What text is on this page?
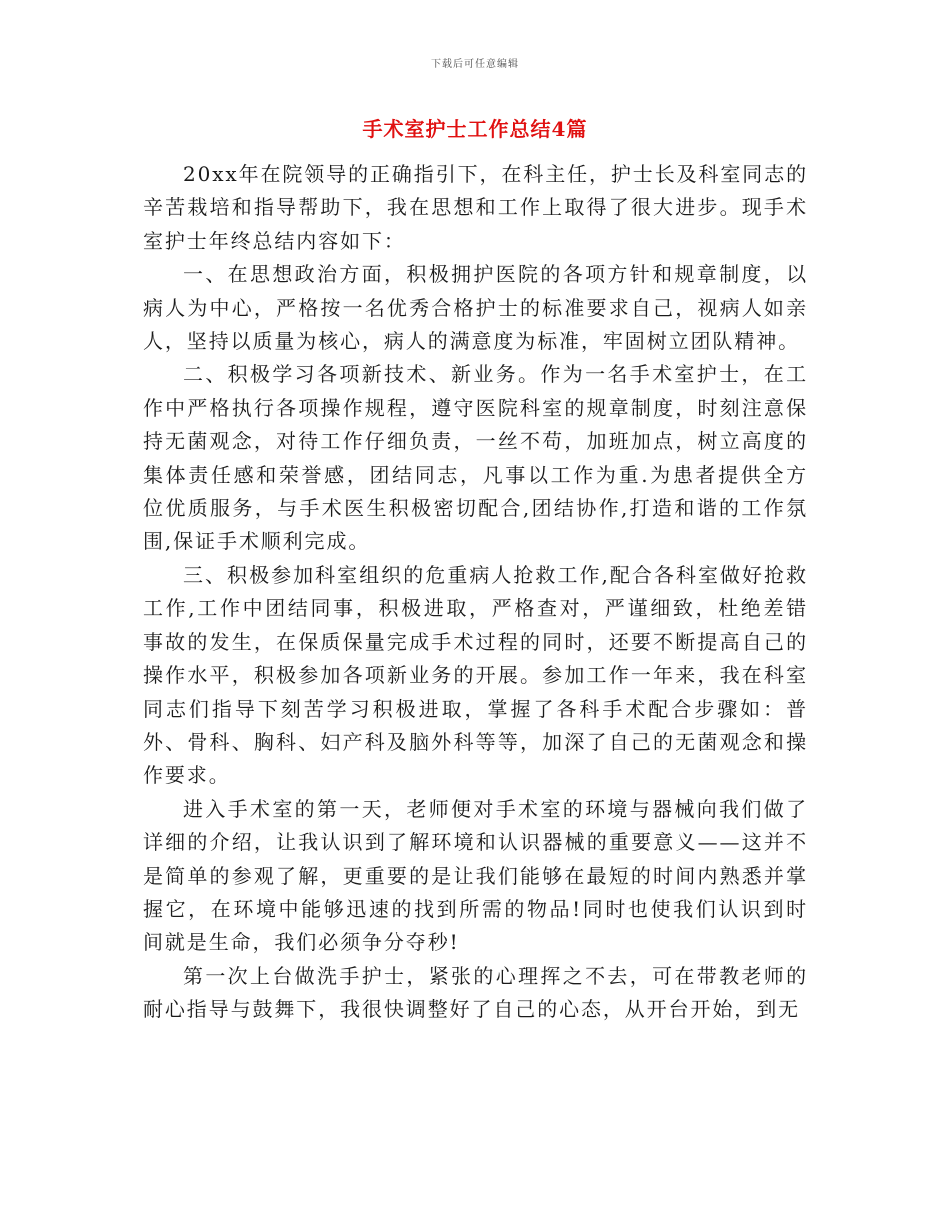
下载后可任意编辑
手术室护士工作总结4篇

20xx年在院领导的正确指引下，在科主任，护士长及科室同志的辛苦栽培和指导帮助下，我在思想和工作上取得了很大进步。现手术室护士年终总结内容如下：

一、在思想政治方面，积极拥护医院的各项方针和规章制度，以病人为中心，严格按一名优秀合格护士的标准要求自己，视病人如亲人，坚持以质量为核心，病人的满意度为标准，牢固树立团队精神。

二、积极学习各项新技术、新业务。作为一名手术室护士，在工作中严格执行各项操作规程，遵守医院科室的规章制度，时刻注意保持无菌观念，对待工作仔细负责，一丝不苟，加班加点，树立高度的集体责任感和荣誉感，团结同志，凡事以工作为重.为患者提供全方位优质服务，与手术医生积极密切配合,团结协作,打造和谐的工作氛围,保证手术顺利完成。

三、积极参加科室组织的危重病人抢救工作,配合各科室做好抢救工作,工作中团结同事，积极进取，严格查对，严谨细致，杜绝差错事故的发生，在保质保量完成手术过程的同时，还要不断提高自己的操作水平，积极参加各项新业务的开展。参加工作一年来，我在科室同志们指导下刻苦学习积极进取，掌握了各科手术配合步骤如：普外、骨科、胸科、妇产科及脑外科等等，加深了自己的无菌观念和操作要求。

进入手术室的第一天，老师便对手术室的环境与器械向我们做了详细的介绍，让我认识到了解环境和认识器械的重要意义——这并不是简单的参观了解，更重要的是让我们能够在最短的时间内熟悉并掌握它，在环境中能够迅速的找到所需的物品!同时也使我们认识到时间就是生命，我们必须争分夺秒!

第一次上台做洗手护士，紧张的心理挥之不去，可在带教老师的耐心指导与鼓舞下，我很快调整好了自己的心态，从开台开始，到无
